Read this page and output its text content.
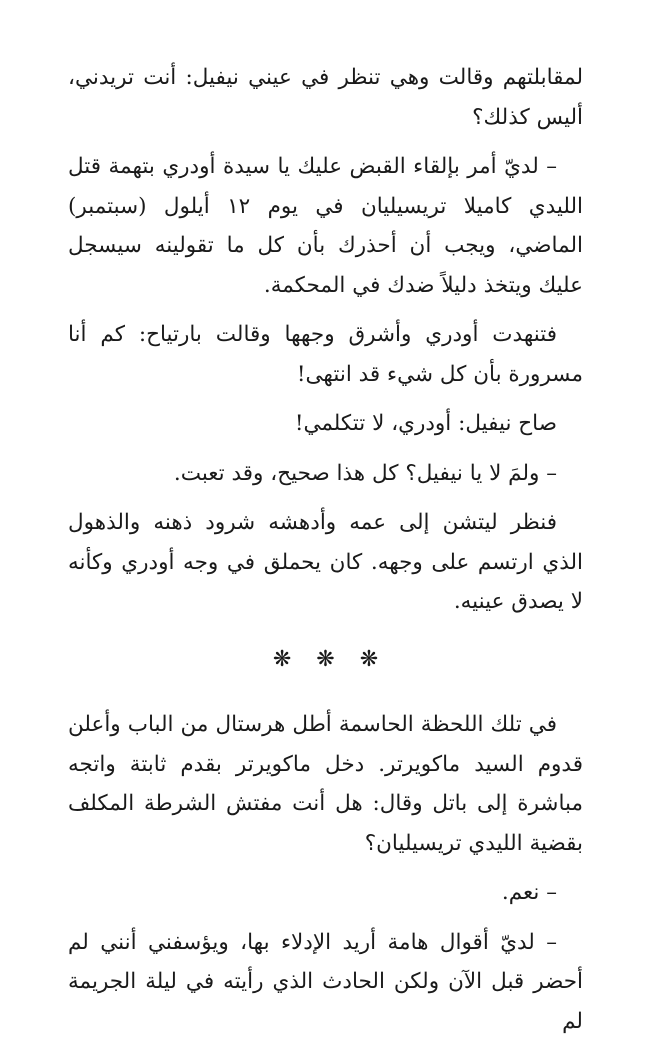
لمقابلتهم وقالت وهي تنظر في عيني نيفيل: أنت تريدني، أليس كذلك؟

– لديّ أمر بإلقاء القبض عليك يا سيدة أودري بتهمة قتل الليدي كاميلا تريسيليان في يوم ١٢ أيلول (سبتمبر) الماضي، ويجب أن أحذرك بأن كل ما تقولينه سيسجل عليك ويتخذ دليلاً ضدك في المحكمة.

فتنهدت أودري وأشرق وجهها وقالت بارتياح: كم أنا مسرورة بأن كل شيء قد انتهى!

صاح نيفيل: أودري، لا تتكلمي!

– ولمَ لا يا نيفيل؟ كل هذا صحيح، وقد تعبت.

فنظر ليتشن إلى عمه وأدهشه شرود ذهنه والذهول الذي ارتسم على وجهه. كان يحملق في وجه أودري وكأنه لا يصدق عينيه.

❋ ❋ ❋

في تلك اللحظة الحاسمة أطل هرستال من الباب وأعلن قدوم السيد ماكويرتر. دخل ماكويرتر بقدم ثابتة واتجه مباشرة إلى باتل وقال: هل أنت مفتش الشرطة المكلف بقضية الليدي تريسيليان؟

– نعم.

– لديّ أقوال هامة أريد الإدلاء بها، ويؤسفني أنني لم أحضر قبل الآن ولكن الحادث الذي رأيته في ليلة الجريمة لم
